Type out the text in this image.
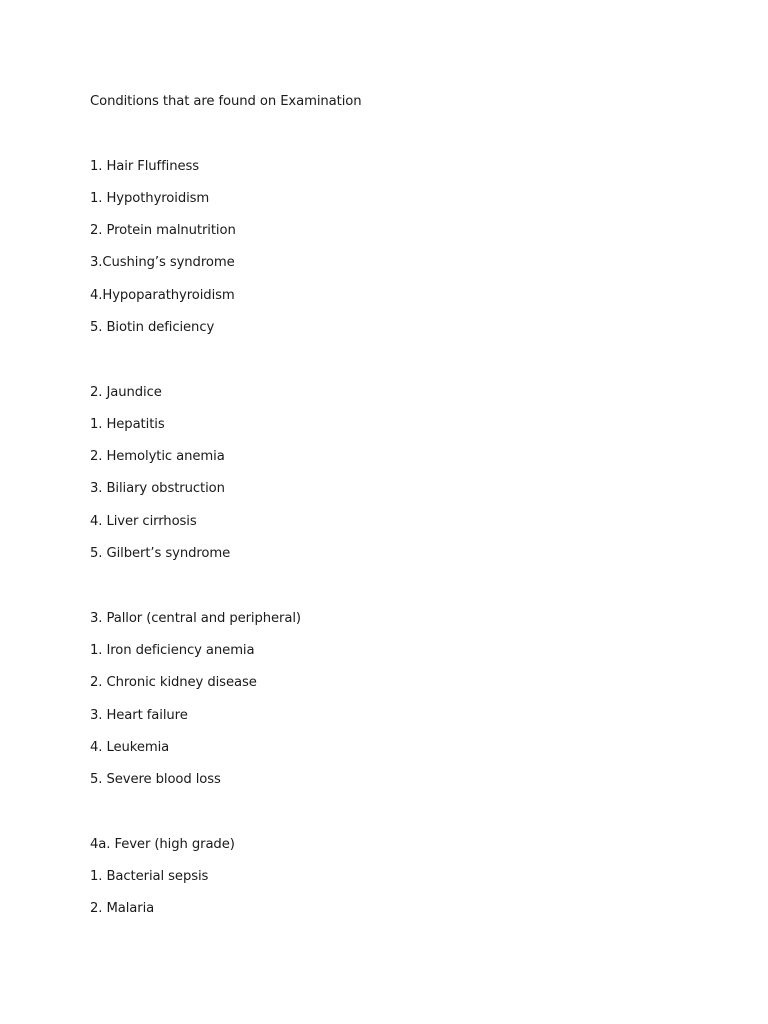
Conditions that are found on Examination
1. Hair Fluffiness
1. Hypothyroidism
2. Protein malnutrition
3.Cushing’s syndrome
4.Hypoparathyroidism
5. Biotin deficiency
2. Jaundice
1. Hepatitis
2. Hemolytic anemia
3. Biliary obstruction
4. Liver cirrhosis
5. Gilbert’s syndrome
3. Pallor (central and peripheral)
1. Iron deficiency anemia
2. Chronic kidney disease
3. Heart failure
4. Leukemia
5. Severe blood loss
4a. Fever (high grade)
1. Bacterial sepsis
2. Malaria
